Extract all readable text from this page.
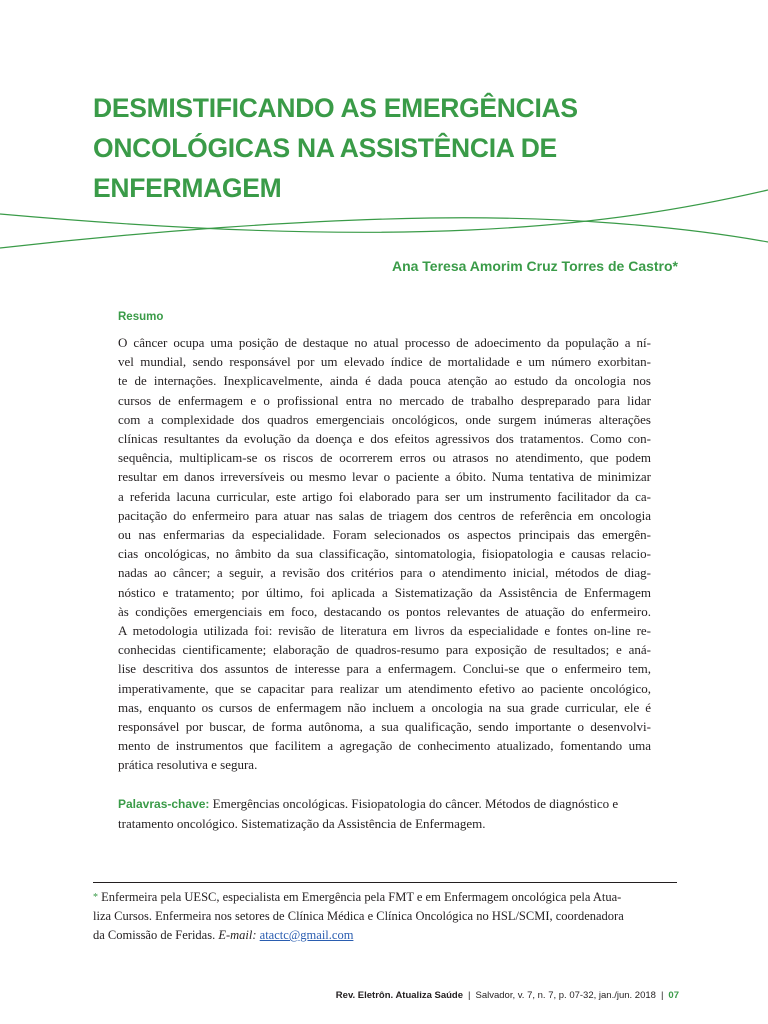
DESMISTIFICANDO AS EMERGÊNCIAS
ONCOLÓGICAS NA ASSISTÊNCIA DE
ENFERMAGEM
Ana Teresa Amorim Cruz Torres de Castro*
Resumo
O câncer ocupa uma posição de destaque no atual processo de adoecimento da população a ní-
vel mundial, sendo responsável por um elevado índice de mortalidade e um número exorbitan-
te de internações. Inexplicavelmente, ainda é dada pouca atenção ao estudo da oncologia nos
cursos de enfermagem e o profissional entra no mercado de trabalho despreparado para lidar
com a complexidade dos quadros emergenciais oncológicos, onde surgem inúmeras alterações
clínicas resultantes da evolução da doença e dos efeitos agressivos dos tratamentos. Como con-
sequência, multiplicam-se os riscos de ocorrerem erros ou atrasos no atendimento, que podem
resultar em danos irreversíveis ou mesmo levar o paciente a óbito. Numa tentativa de minimizar
a referida lacuna curricular, este artigo foi elaborado para ser um instrumento facilitador da ca-
pacitação do enfermeiro para atuar nas salas de triagem dos centros de referência em oncologia
ou nas enfermarias da especialidade. Foram selecionados os aspectos principais das emergên-
cias oncológicas, no âmbito da sua classificação, sintomatologia, fisiopatologia e causas relacio-
nadas ao câncer; a seguir, a revisão dos critérios para o atendimento inicial, métodos de diag-
nóstico e tratamento; por último, foi aplicada a Sistematização da Assistência de Enfermagem
às condições emergenciais em foco, destacando os pontos relevantes de atuação do enfermeiro.
A metodologia utilizada foi: revisão de literatura em livros da especialidade e fontes on-line re-
conhecidas cientificamente; elaboração de quadros-resumo para exposição de resultados; e aná-
lise descritiva dos assuntos de interesse para a enfermagem. Conclui-se que o enfermeiro tem,
imperativamente, que se capacitar para realizar um atendimento efetivo ao paciente oncológico,
mas, enquanto os cursos de enfermagem não incluem a oncologia na sua grade curricular, ele é
responsável por buscar, de forma autônoma, a sua qualificação, sendo importante o desenvolvi-
mento de instrumentos que facilitem a agregação de conhecimento atualizado, fomentando uma
prática resolutiva e segura.
Palavras-chave: Emergências oncológicas. Fisiopatologia do câncer. Métodos de diagnóstico e
tratamento oncológico. Sistematização da Assistência de Enfermagem.
* Enfermeira pela UESC, especialista em Emergência pela FMT e em Enfermagem oncológica pela Atua-
liza Cursos. Enfermeira nos setores de Clínica Médica e Clínica Oncológica no HSL/SCMI, coordenadora
da Comissão de Feridas. E-mail: atactc@gmail.com
Rev. Eletrôn. Atualiza Saúde | Salvador, v. 7, n. 7, p. 07-32, jan./jun. 2018 | 07
